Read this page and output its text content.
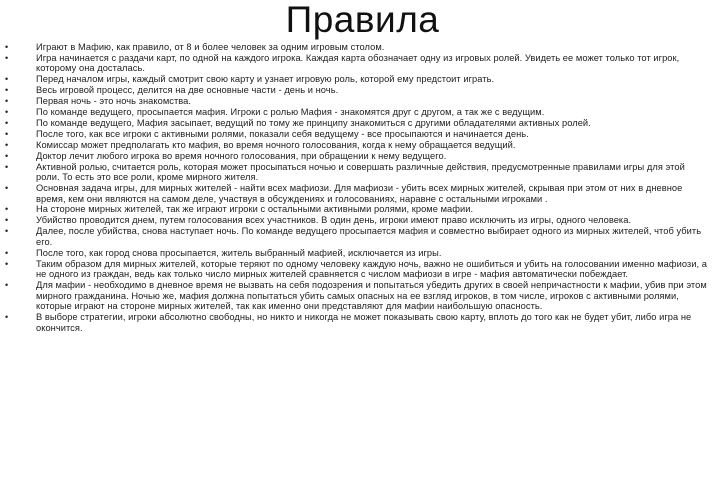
Правила
•	Играют в Мафию, как правило, от 8 и более человек за одним игровым столом.
•	Игра начинается с раздачи карт, по одной на каждого игрока. Каждая карта обозначает одну из игровых ролей. Увидеть ее может только тот игрок, которому она досталась.
•	Перед началом игры, каждый смотрит свою карту и узнает игровую роль, которой ему предстоит играть.
•	Весь игровой процесс, делится на две основные части - день и ночь.
•	Первая ночь - это ночь знакомства.
•	По команде ведущего, просыпается мафия. Игроки с ролью Мафия - знакомятся друг с другом, а так же с ведущим.
•	По команде ведущего, Мафия засыпает, ведущий по тому же принципу знакомиться с другими обладателями активных ролей.
•	После того, как все игроки с активными ролями, показали себя ведущему - все просыпаются и начинается день.
•	Комиссар может предполагать кто мафия, во время ночного голосования, когда к нему обращается ведущий.
•	Доктор лечит любого игрока во время ночного голосования, при обращении к нему ведущего.
•	Активной ролью, считается роль, которая может просыпаться ночью и совершать различные действия, предусмотренные правилами игры для этой роли. То есть это все роли, кроме мирного жителя.
•	Основная задача игры, для мирных жителей - найти всех мафиози. Для мафиози - убить всех мирных жителей, скрывая при этом от них в дневное время, кем они являются на самом деле, участвуя в обсуждениях и голосованиях, наравне с остальными игроками .
•	На стороне мирных жителей, так же играют игроки с остальными активными ролями, кроме мафии.
•	Убийство проводится днем, путем голосования всех участников. В один день, игроки имеют право исключить из игры, одного человека.
•	Далее, после убийства, снова наступает ночь. По команде ведущего просыпается мафия и совместно выбирает одного из мирных жителей, чтоб убить его.
•	После того, как город снова просыпается, житель выбранный мафией, исключается из игры.
•	Таким образом для мирных жителей, которые теряют по одному человеку каждую ночь, важно не ошибиться и убить на голосовании именно мафиози, а не одного из граждан, ведь как только число мирных жителей сравняется с числом мафиози в игре - мафия автоматически побеждает.
•	Для мафии - необходимо в дневное время не вызвать на себя подозрения и попытаться убедить других в своей непричастности к мафии, убив при этом мирного гражданина. Ночью же, мафия должна попытаться убить самых опасных на ее взгляд игроков, в том числе, игроков с активными ролями, которые играют на стороне мирных жителей, так как именно они представляют для мафии наибольшую опасность.
•	В выборе стратегии, игроки абсолютно свободны, но никто и никогда не может показывать свою карту, вплоть до того как не будет убит, либо игра не окончится.
